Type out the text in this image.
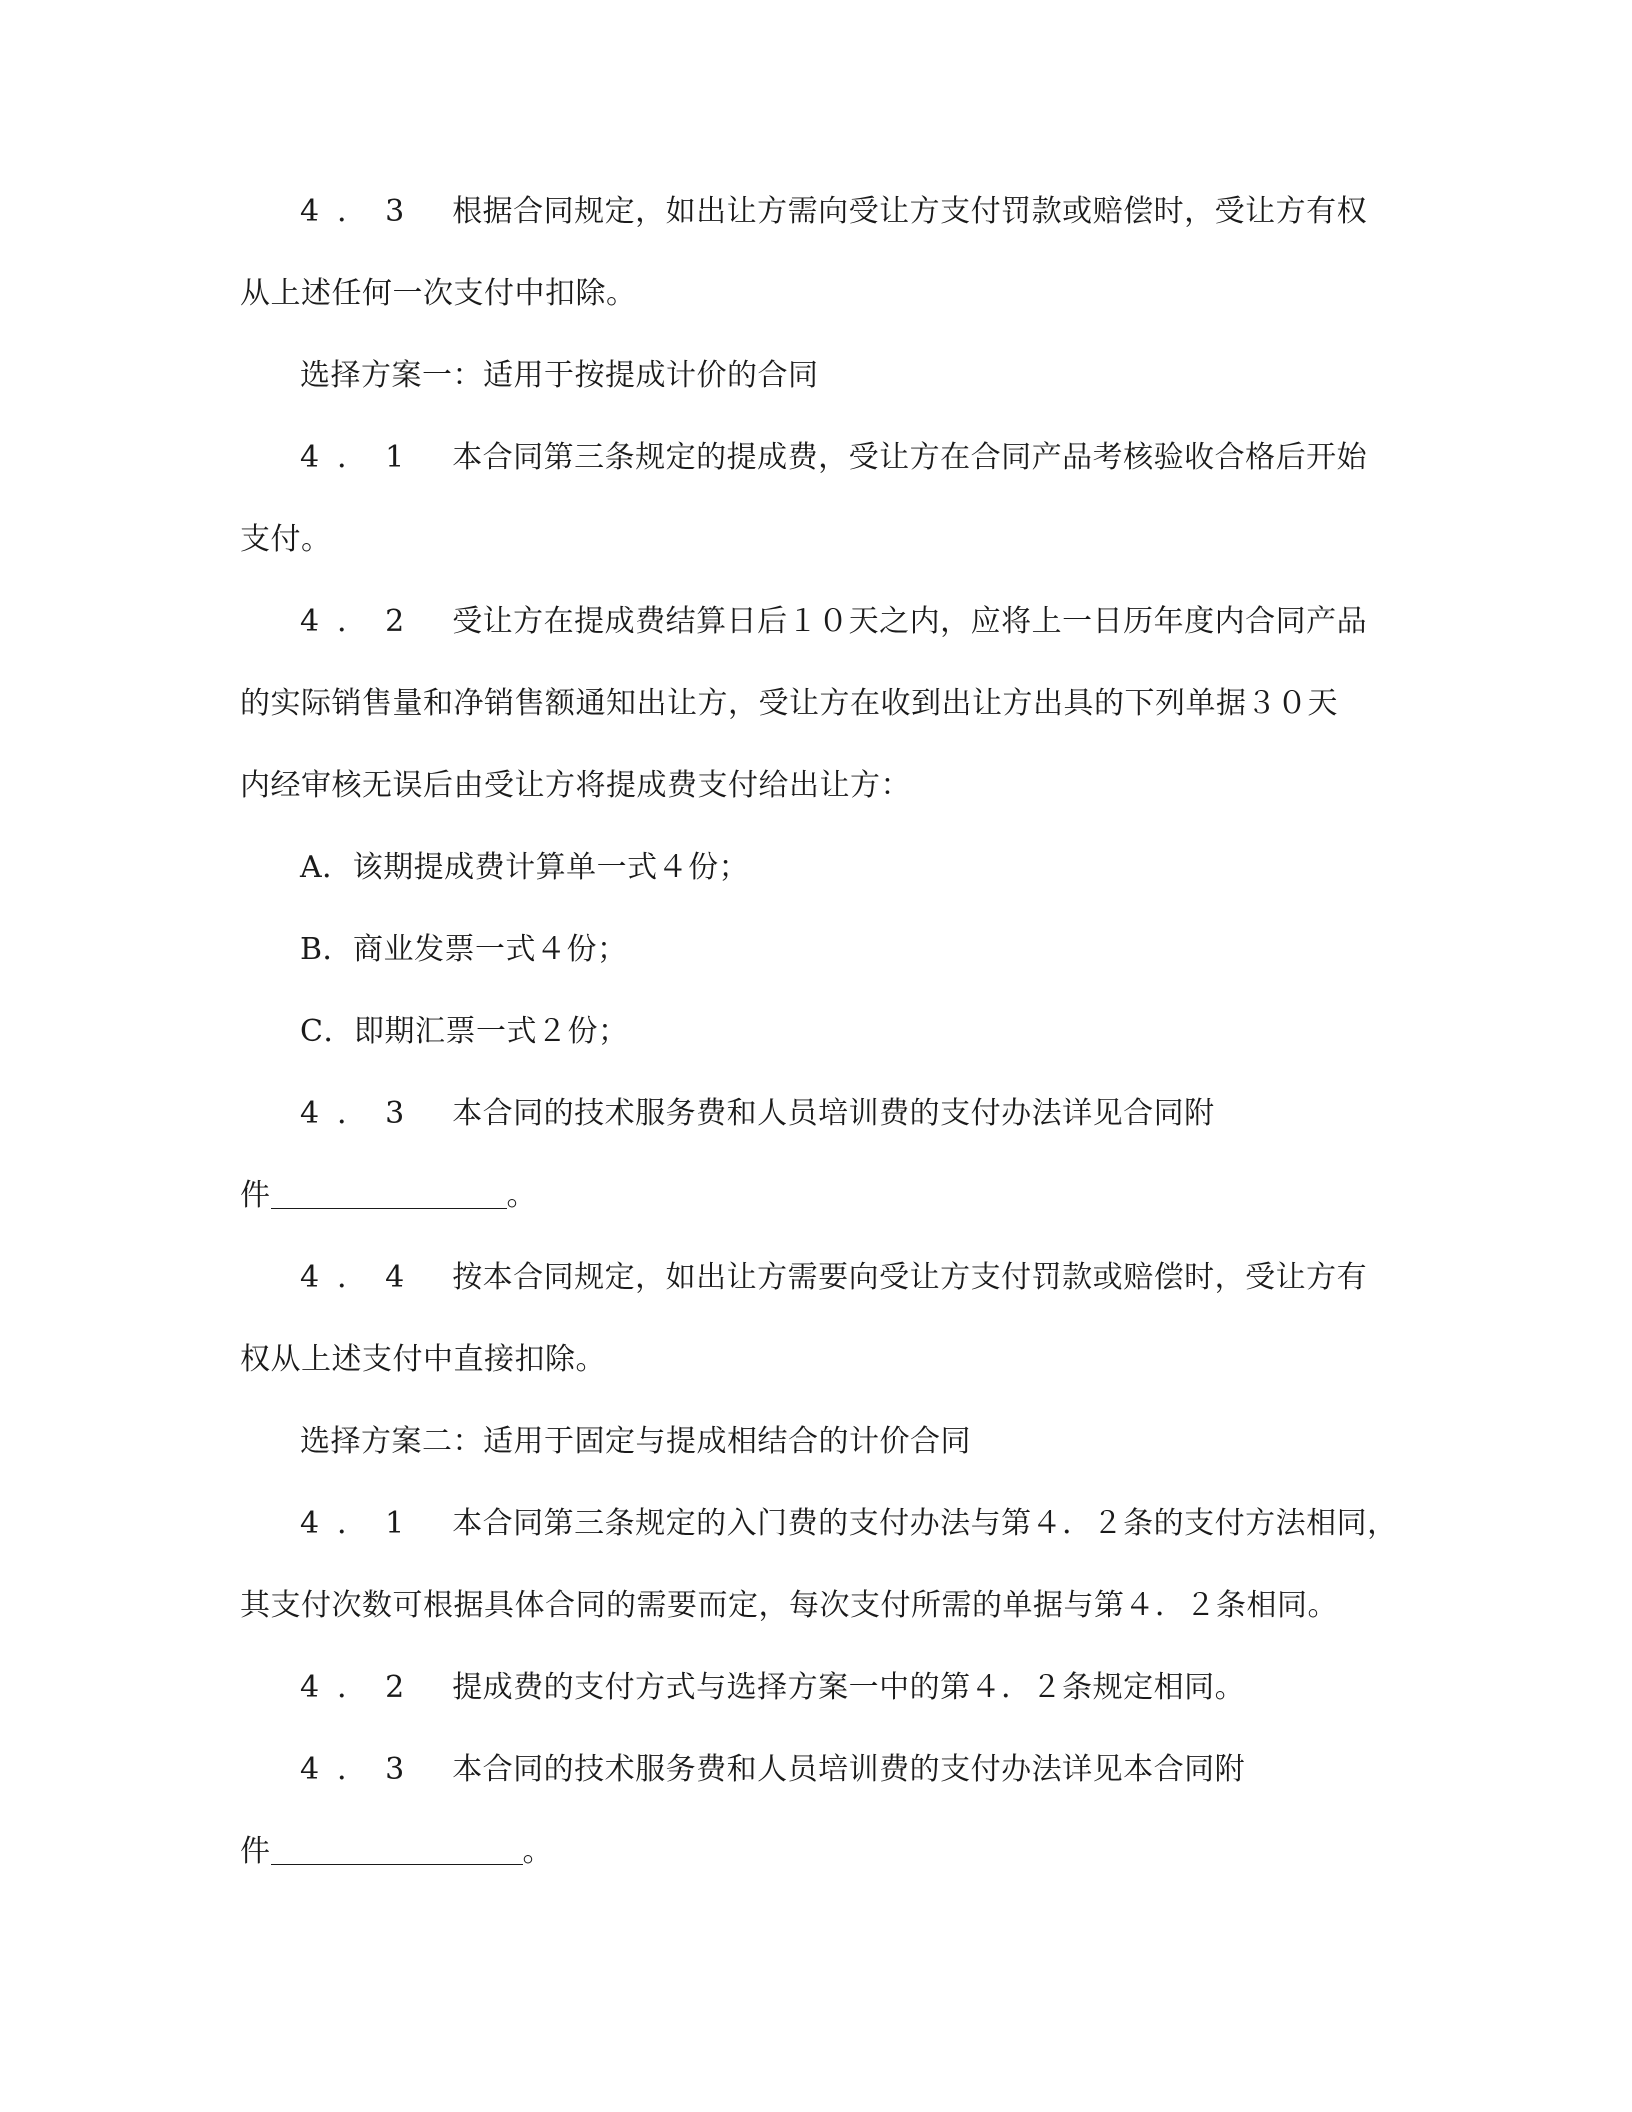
4．3 根据合同规定，如出让方需向受让方支付罚款或赔偿时，受让方有权
从上述任何一次支付中扣除。
选择方案一：适用于按提成计价的合同
4．1 本合同第三条规定的提成费，受让方在合同产品考核验收合格后开始
支付。
4．2 受让方在提成费结算日后１０天之内，应将上一日历年度内合同产品
的实际销售量和净销售额通知出让方，受让方在收到出让方出具的下列单据３０天
内经审核无误后由受让方将提成费支付给出让方：
A．该期提成费计算单一式４份；
B．商业发票一式４份；
C．即期汇票一式２份；
4．3 本合同的技术服务费和人员培训费的支付办法详见合同附
件	。
4．4 按本合同规定，如出让方需要向受让方支付罚款或赔偿时，受让方有
权从上述支付中直接扣除。
选择方案二：适用于固定与提成相结合的计价合同
4．1 本合同第三条规定的入门费的支付办法与第４．２条的支付方法相同，
其支付次数可根据具体合同的需要而定，每次支付所需的单据与第４．２条相同。
4．2 提成费的支付方式与选择方案一中的第４．２条规定相同。
4．3 本合同的技术服务费和人员培训费的支付办法详见本合同附
件	。
